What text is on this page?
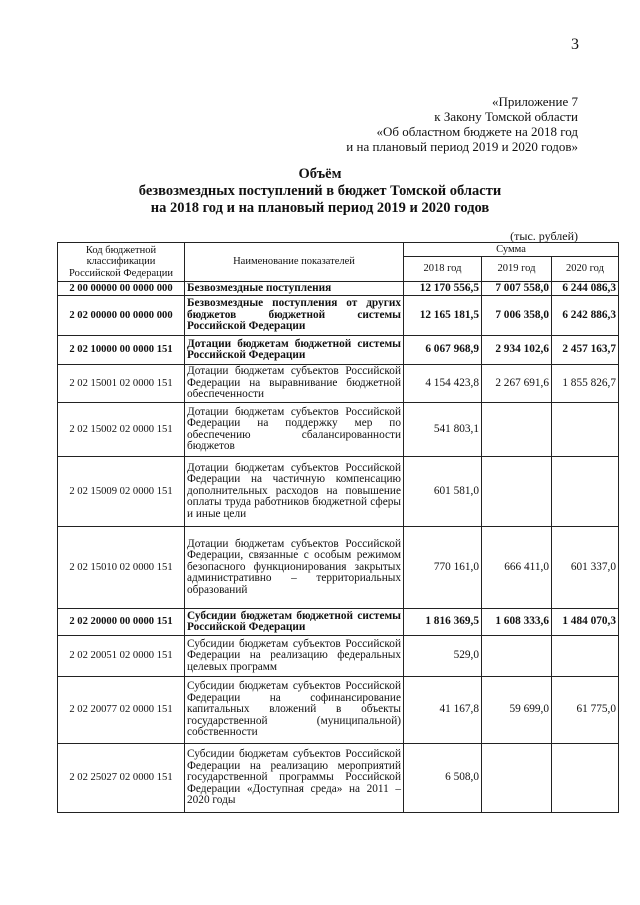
3
«Приложение 7
к Закону Томской области
«Об областном бюджете на 2018 год
и на плановый период 2019 и 2020 годов»
Объём
безвозмездных поступлений в бюджет Томской области
на 2018 год и на плановый период 2019 и 2020 годов
(тыс. рублей)
Код бюджетной классификации Российской Федерации	Наименование показателей	Сумма		
		2018 год	2019 год	2020 год
2 00 00000 00 0000 000	Безвозмездные поступления	12 170 556,5	7 007 558,0	6 244 086,3
2 02 00000 00 0000 000	Безвозмездные поступления от других бюджетов бюджетной системы Российской Федерации	12 165 181,5	7 006 358,0	6 242 886,3
2 02 10000 00 0000 151	Дотации бюджетам бюджетной системы Российской Федерации	6 067 968,9	2 934 102,6	2 457 163,7
2 02 15001 02 0000 151	Дотации бюджетам субъектов Российской Федерации на выравнивание бюджетной обеспеченности	4 154 423,8	2 267 691,6	1 855 826,7
2 02 15002 02 0000 151	Дотации бюджетам субъектов Российской Федерации на поддержку мер по обеспечению сбалансированности бюджетов	541 803,1		
2 02 15009 02 0000 151	Дотации бюджетам субъектов Российской Федерации на частичную компенсацию дополнительных расходов на повышение оплаты труда работников бюджетной сферы и иные цели	601 581,0		
2 02 15010 02 0000 151	Дотации бюджетам субъектов Российской Федерации, связанные с особым режимом безопасного функционирования закрытых административно – территориальных образований	770 161,0	666 411,0	601 337,0
2 02 20000 00 0000 151	Субсидии бюджетам бюджетной системы Российской Федерации	1 816 369,5	1 608 333,6	1 484 070,3
2 02 20051 02 0000 151	Субсидии бюджетам субъектов Российской Федерации на реализацию федеральных целевых программ	529,0		
2 02 20077 02 0000 151	Субсидии бюджетам субъектов Российской Федерации на софинансирование капитальных вложений в объекты государственной (муниципальной) собственности	41 167,8	59 699,0	61 775,0
2 02 25027 02 0000 151	Субсидии бюджетам субъектов Российской Федерации на реализацию мероприятий государственной программы Российской Федерации «Доступная среда» на 2011 – 2020 годы	6 508,0		
